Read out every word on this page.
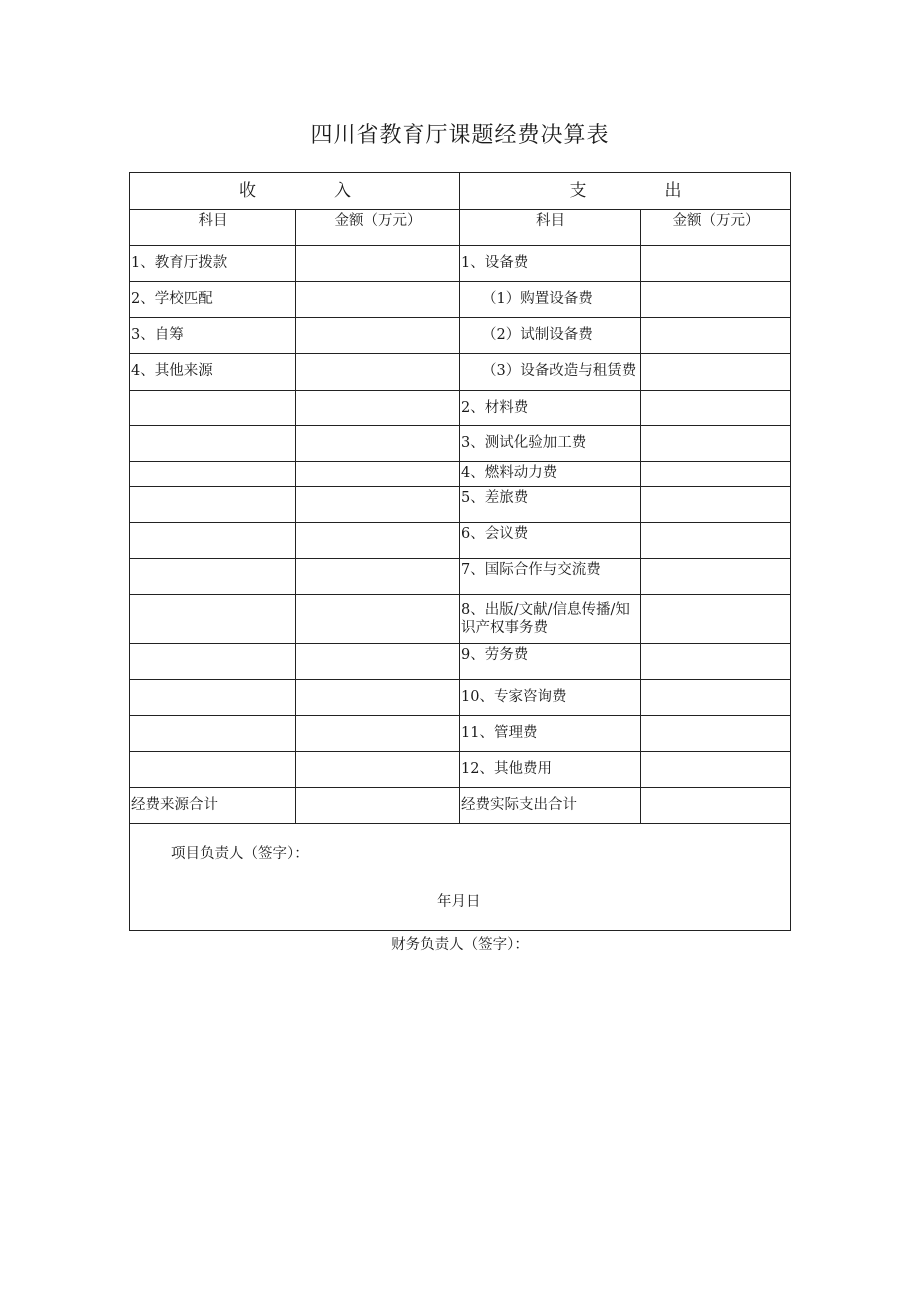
四川省教育厅课题经费决算表
收 入		支 出	
科目	金额（万元）	科目	金额（万元）
1、教育厅拨款		1、设备费	
2、学校匹配		（1）购置设备费	
3、自筹		（2）试制设备费	
4、其他来源		（3）设备改造与租赁费	
		2、材料费	
		3、测试化验加工费	
		4、燃料动力费	
		5、差旅费	
		6、会议费	
		7、国际合作与交流费	
		8、出版/文献/信息传播/知识产权事务费	
		9、劳务费	
		10、专家咨询费	
		11、管理费	
		12、其他费用	
经费来源合计		经费实际支出合计	

项目负责人（签字）：
年月日			
财务负责人（签字）：
